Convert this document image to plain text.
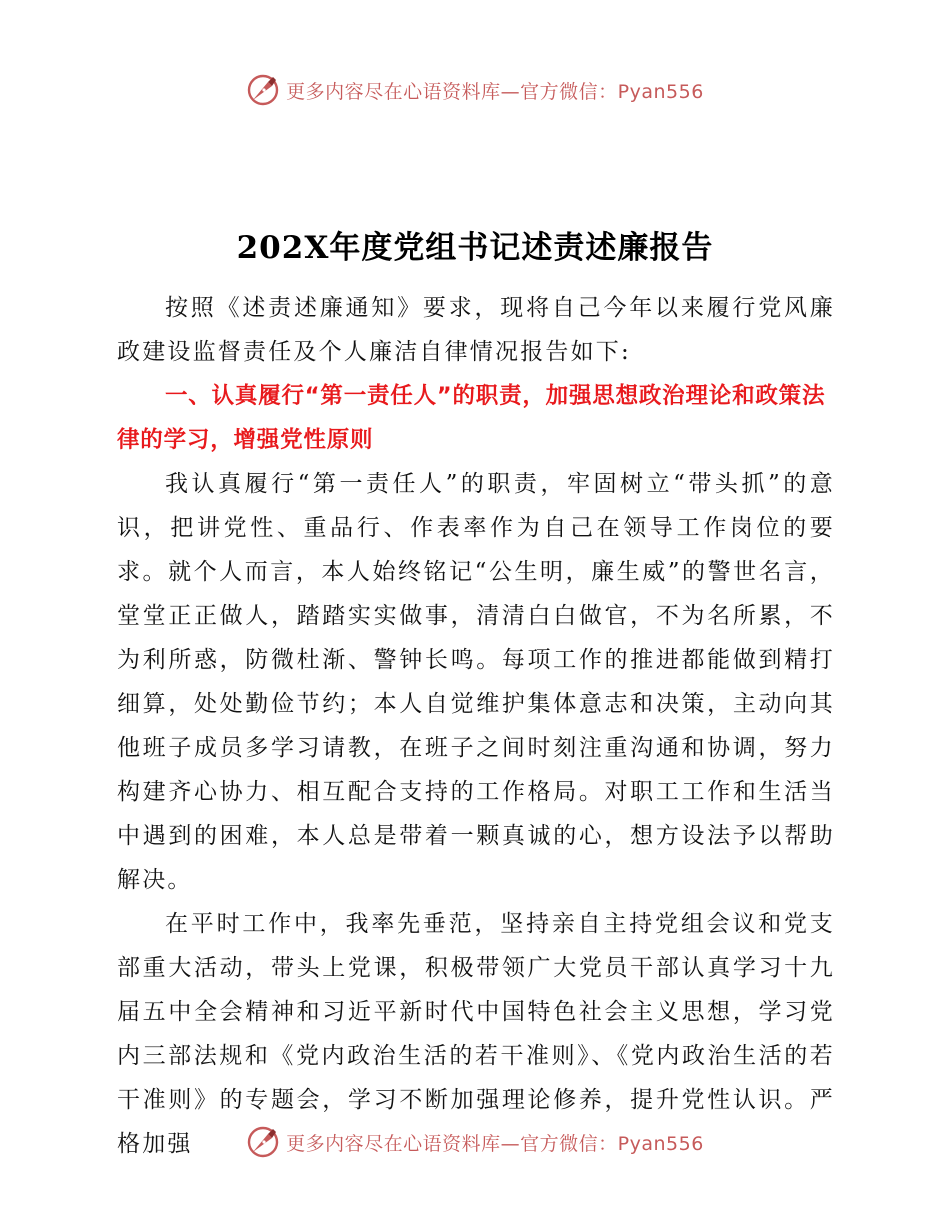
更多内容尽在心语资料库—官方微信：Pyan556
202X年度党组书记述责述廉报告

按照《述责述廉通知》要求，现将自己今年以来履行党风廉政建设监督责任及个人廉洁自律情况报告如下:

一、认真履行“第一责任人”的职责，加强思想政治理论和政策法律的学习，增强党性原则

我认真履行“第一责任人”的职责，牢固树立“带头抓”的意识，把讲党性、重品行、作表率作为自己在领导工作岗位的要求。就个人而言，本人始终铭记“公生明，廉生威”的警世名言，堂堂正正做人，踏踏实实做事，清清白白做官，不为名所累，不为利所惑，防微杜渐、警钟长鸣。每项工作的推进都能做到精打细算，处处勤俭节约；本人自觉维护集体意志和决策，主动向其他班子成员多学习请教，在班子之间时刻注重沟通和协调，努力构建齐心协力、相互配合支持的工作格局。对职工工作和生活当中遇到的困难，本人总是带着一颗真诚的心，想方设法予以帮助解决。

在平时工作中，我率先垂范，坚持亲自主持党组会议和党支部重大活动，带头上党课，积极带领广大党员干部认真学习十九届五中全会精神和习近平新时代中国特色社会主义思想，学习党内三部法规和《党内政治生活的若干准则》、《党内政治生活的若干准则》的专题会，学习不断加强理论修养，提升党性认识。严格加强	更多内容尽在心语资料库—官方微信：Pyan556
